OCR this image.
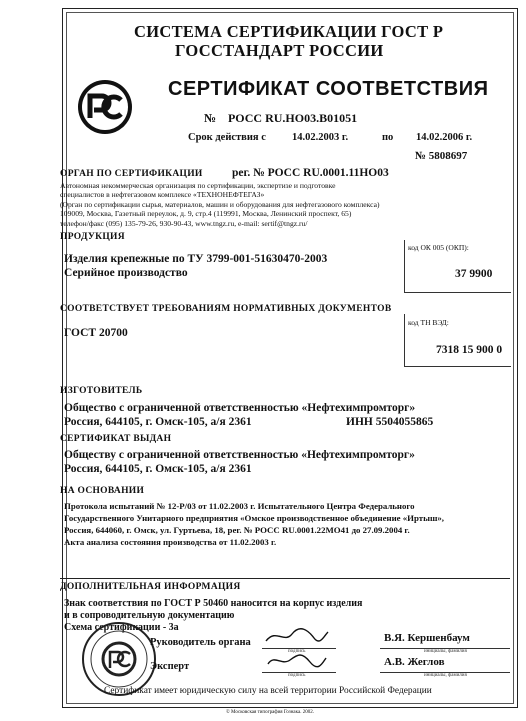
СИСТЕМА СЕРТИФИКАЦИИ ГОСТ Р
ГОССТАНДАРТ РОССИИ
СЕРТИФИКАТ СООТВЕТСТВИЯ
№ РОСС RU.НО03.В01051
Срок действия с 14.02.2003 г.	по 14.02.2006 г.
№ 5808697
ОРГАН ПО СЕРТИФИКАЦИИ	рег. № РОСС RU.0001.11НО03
Автономная некоммерческая организация по сертификации, экспертизе и подготовке
специалистов в нефтегазовом комплексе «ТЕХНОНЕФТЕГАЗ»
(Орган по сертификации сырья, материалов, машин и оборудования для нефтегазового комплекса)
109009, Москва, Газетный переулок, д. 9, стр.4 (119991, Москва, Ленинский проспект, 65)
телефон/факс (095) 135-79-26, 930-90-43, www.tngz.ru, e-mail: sertif@tngz.ru/
ПРОДУКЦИЯ
код ОК 005 (ОКП):
37 9900
Изделия крепежные по ТУ 3799-001-51630470-2003
Серийное производство
СООТВЕТСТВУЕТ ТРЕБОВАНИЯМ НОРМАТИВНЫХ ДОКУМЕНТОВ
код ТН ВЭД:
7318 15 900 0
ГОСТ 20700
ИЗГОТОВИТЕЛЬ
Общество с ограниченной ответственностью «Нефтехимпромторг»
Россия, 644105, г. Омск-105, а/я 2361	ИНН 5504055865
СЕРТИФИКАТ ВЫДАН
Обществу с ограниченной ответственностью «Нефтехимпромторг»
Россия, 644105, г. Омск-105, а/я 2361
НА ОСНОВАНИИ
Протокола испытаний № 12-Р/03 от 11.02.2003 г. Испытательного Центра Федерального
Государственного Унитарного предприятия «Омское производственное объединение «Иртыш»,
Россия, 644060, г. Омск, ул. Гуртьева, 18, рег. № РОСС RU.0001.22МО41 до 27.09.2004 г.
Акта анализа состояния производства от 11.02.2003 г.
ДОПОЛНИТЕЛЬНАЯ ИНФОРМАЦИЯ
Знак соответствия по ГОСТ Р 50460 наносится на корпус изделия
и в сопроводительную документацию
Схема сертификации - 3а
Руководитель органа	В.Я. Кершенбаум
подпись	инициалы, фамилия
Эксперт	А.В. Жеглов
подпись	инициалы, фамилия
Сертификат имеет юридическую силу на всей территории Российской Федерации
© Московская типография Гознака. 2002.
